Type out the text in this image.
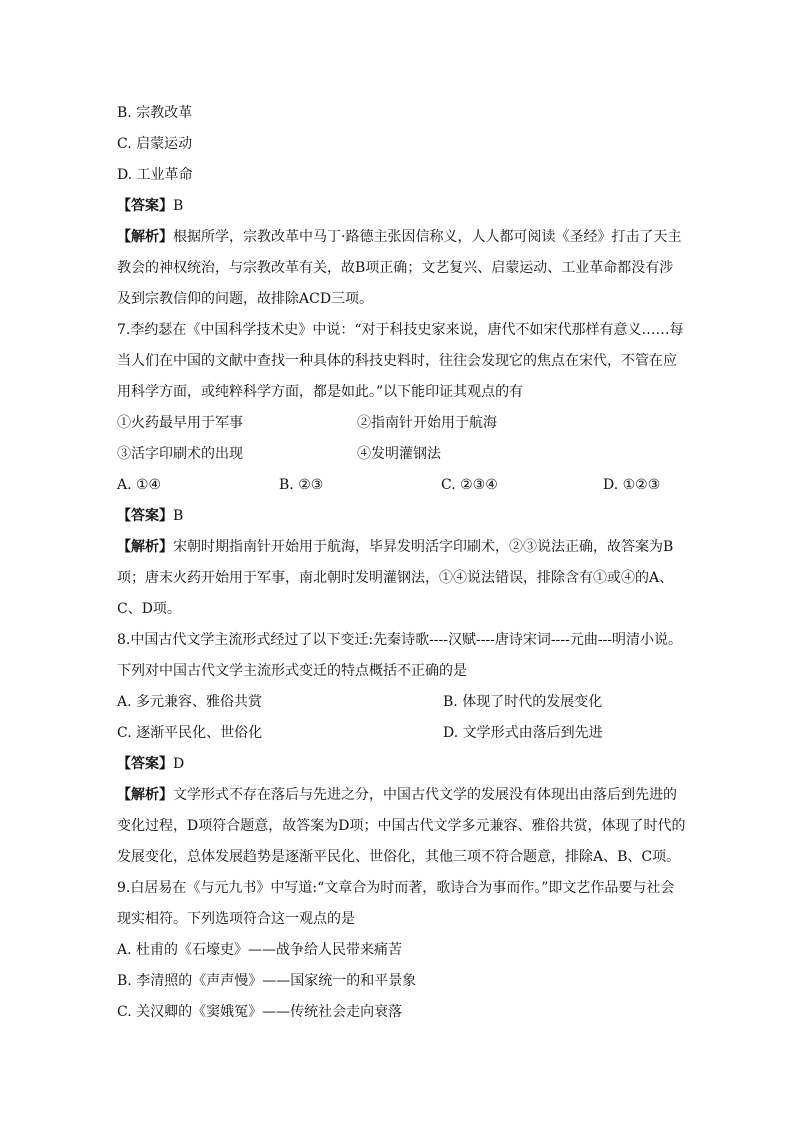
B. 宗教改革
C. 启蒙运动
D. 工业革命
【答案】B
【解析】根据所学，宗教改革中马丁·路德主张因信称义，人人都可阅读《圣经》打击了天主教会的神权统治，与宗教改革有关，故B项正确；文艺复兴、启蒙运动、工业革命都没有涉及到宗教信仰的问题，故排除ACD三项。
7.李约瑟在《中国科学技术史》中说：“对于科技史家来说，唐代不如宋代那样有意义……每当人们在中国的文献中查找一种具体的科技史料时，往往会发现它的焦点在宋代，不管在应用科学方面，或纯粹科学方面，都是如此。”以下能印证其观点的有
①火药最早用于军事	②指南针开始用于航海
③活字印刷术的出现	④发明灌钢法
A. ①④	B. ②③	C. ②③④	D. ①②③
【答案】B
【解析】宋朝时期指南针开始用于航海，毕昇发明活字印刷术，②③说法正确，故答案为B项；唐末火药开始用于军事，南北朝时发明灌钢法，①④说法错误，排除含有①或④的A、C、D项。
8.中国古代文学主流形式经过了以下变迁:先秦诗歌----汉赋----唐诗宋词----元曲---明清小说。下列对中国古代文学主流形式变迁的特点概括不正确的是
A. 多元兼容、雅俗共赏	B. 体现了时代的发展变化
C. 逐渐平民化、世俗化	D. 文学形式由落后到先进
【答案】D
【解析】文学形式不存在落后与先进之分，中国古代文学的发展没有体现出由落后到先进的变化过程，D项符合题意，故答案为D项；中国古代文学多元兼容、雅俗共赏，体现了时代的发展变化，总体发展趋势是逐渐平民化、世俗化，其他三项不符合题意，排除A、B、C项。
9.白居易在《与元九书》中写道:“文章合为时而著，歌诗合为事而作。”即文艺作品要与社会现实相符。下列选项符合这一观点的是
A. 杜甫的《石壕吏》——战争给人民带来痛苦
B. 李清照的《声声慢》——国家统一的和平景象
C. 关汉卿的《窦娥冤》——传统社会走向衰落
